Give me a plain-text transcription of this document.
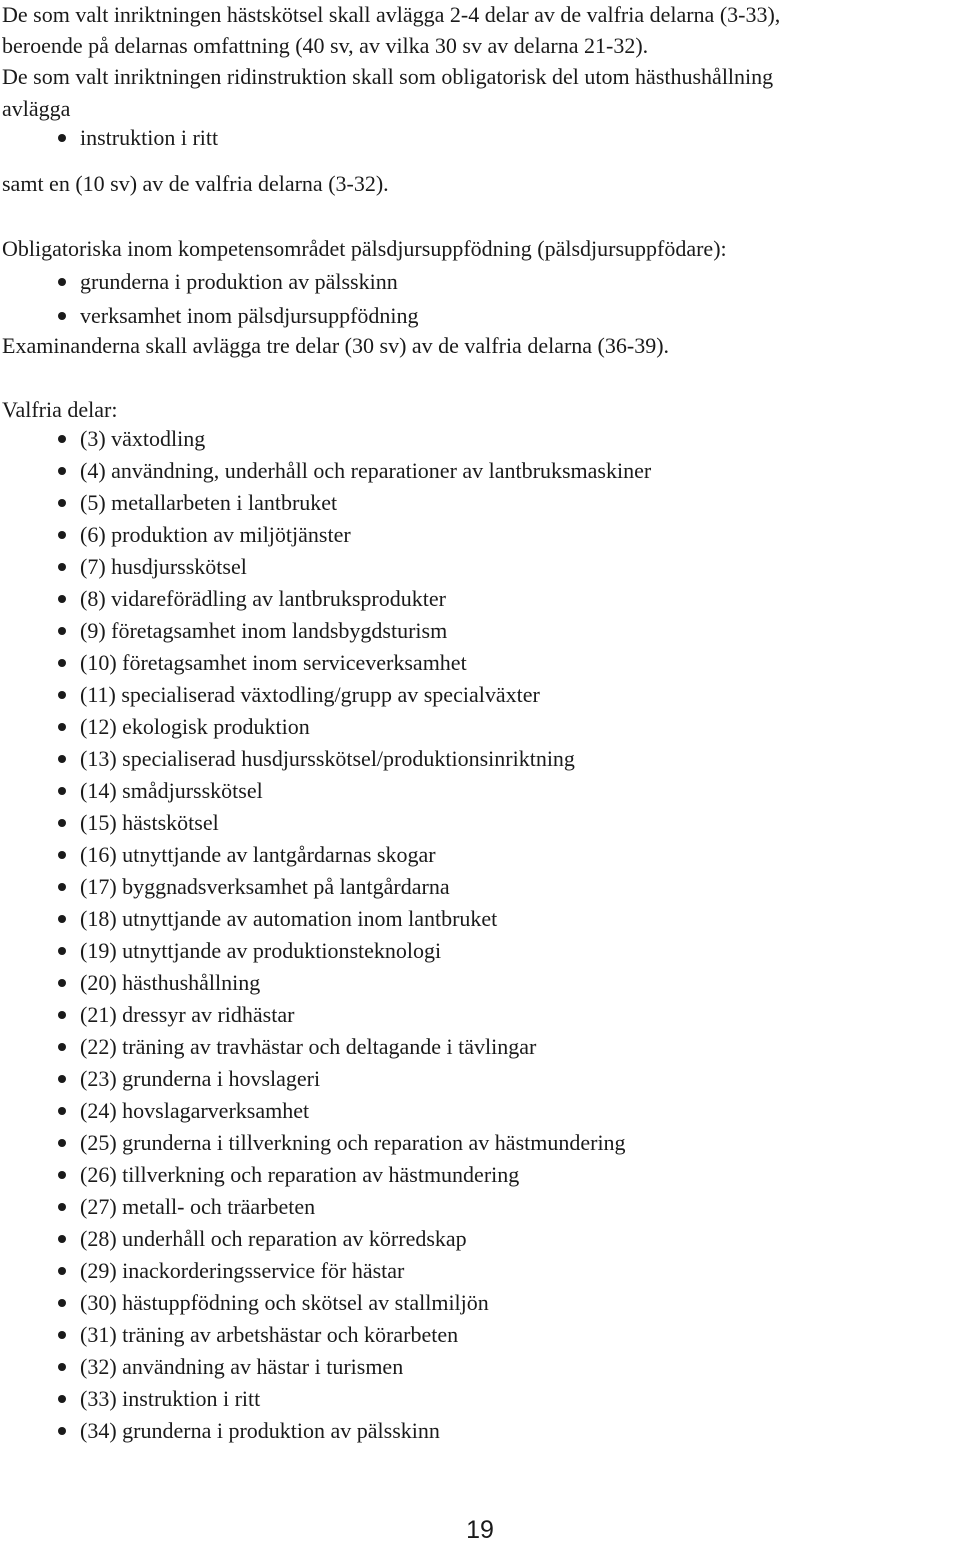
De som valt inriktningen hästskötsel skall avlägga 2-4 delar av de valfria delarna (3-33),

beroende på delarnas omfattning (40 sv, av vilka 30 sv av delarna 21-32).

De som valt inriktningen ridinstruktion skall som obligatorisk del utom hästhushållning

avlägga

instruktion i ritt

samt en (10 sv) av de valfria delarna (3-32).

Obligatoriska inom kompetensområdet pälsdjursuppfödning (pälsdjursuppfödare):

grunderna i produktion av pälsskinn
verksamhet inom pälsdjursuppfödning

Examinanderna skall avlägga tre delar (30 sv) av de valfria delarna (36-39).

Valfria delar:

(3) växtodling
(4) användning, underhåll och reparationer av lantbruksmaskiner
(5) metallarbeten i lantbruket
(6) produktion av miljötjänster
(7) husdjursskötsel
(8) vidareförädling av lantbruksprodukter
(9) företagsamhet inom landsbygdsturism
(10) företagsamhet inom serviceverksamhet
(11) specialiserad växtodling/grupp av specialväxter
(12) ekologisk produktion
(13) specialiserad husdjursskötsel/produktionsinriktning
(14) smådjursskötsel
(15) hästskötsel
(16) utnyttjande av lantgårdarnas skogar
(17) byggnadsverksamhet på lantgårdarna
(18) utnyttjande av automation inom lantbruket
(19) utnyttjande av produktionsteknologi
(20) hästhushållning
(21) dressyr av ridhästar
(22) träning av travhästar och deltagande i tävlingar
(23) grunderna i hovslageri
(24) hovslagarverksamhet
(25) grunderna i tillverkning och reparation av hästmundering
(26) tillverkning och reparation av hästmundering
(27) metall- och träarbeten
(28) underhåll och reparation av körredskap
(29) inackorderingsservice för hästar
(30) hästuppfödning och skötsel av stallmiljön
(31) träning av arbetshästar och körarbeten
(32) användning av hästar i turismen
(33) instruktion i ritt
(34) grunderna i produktion av pälsskinn
19
